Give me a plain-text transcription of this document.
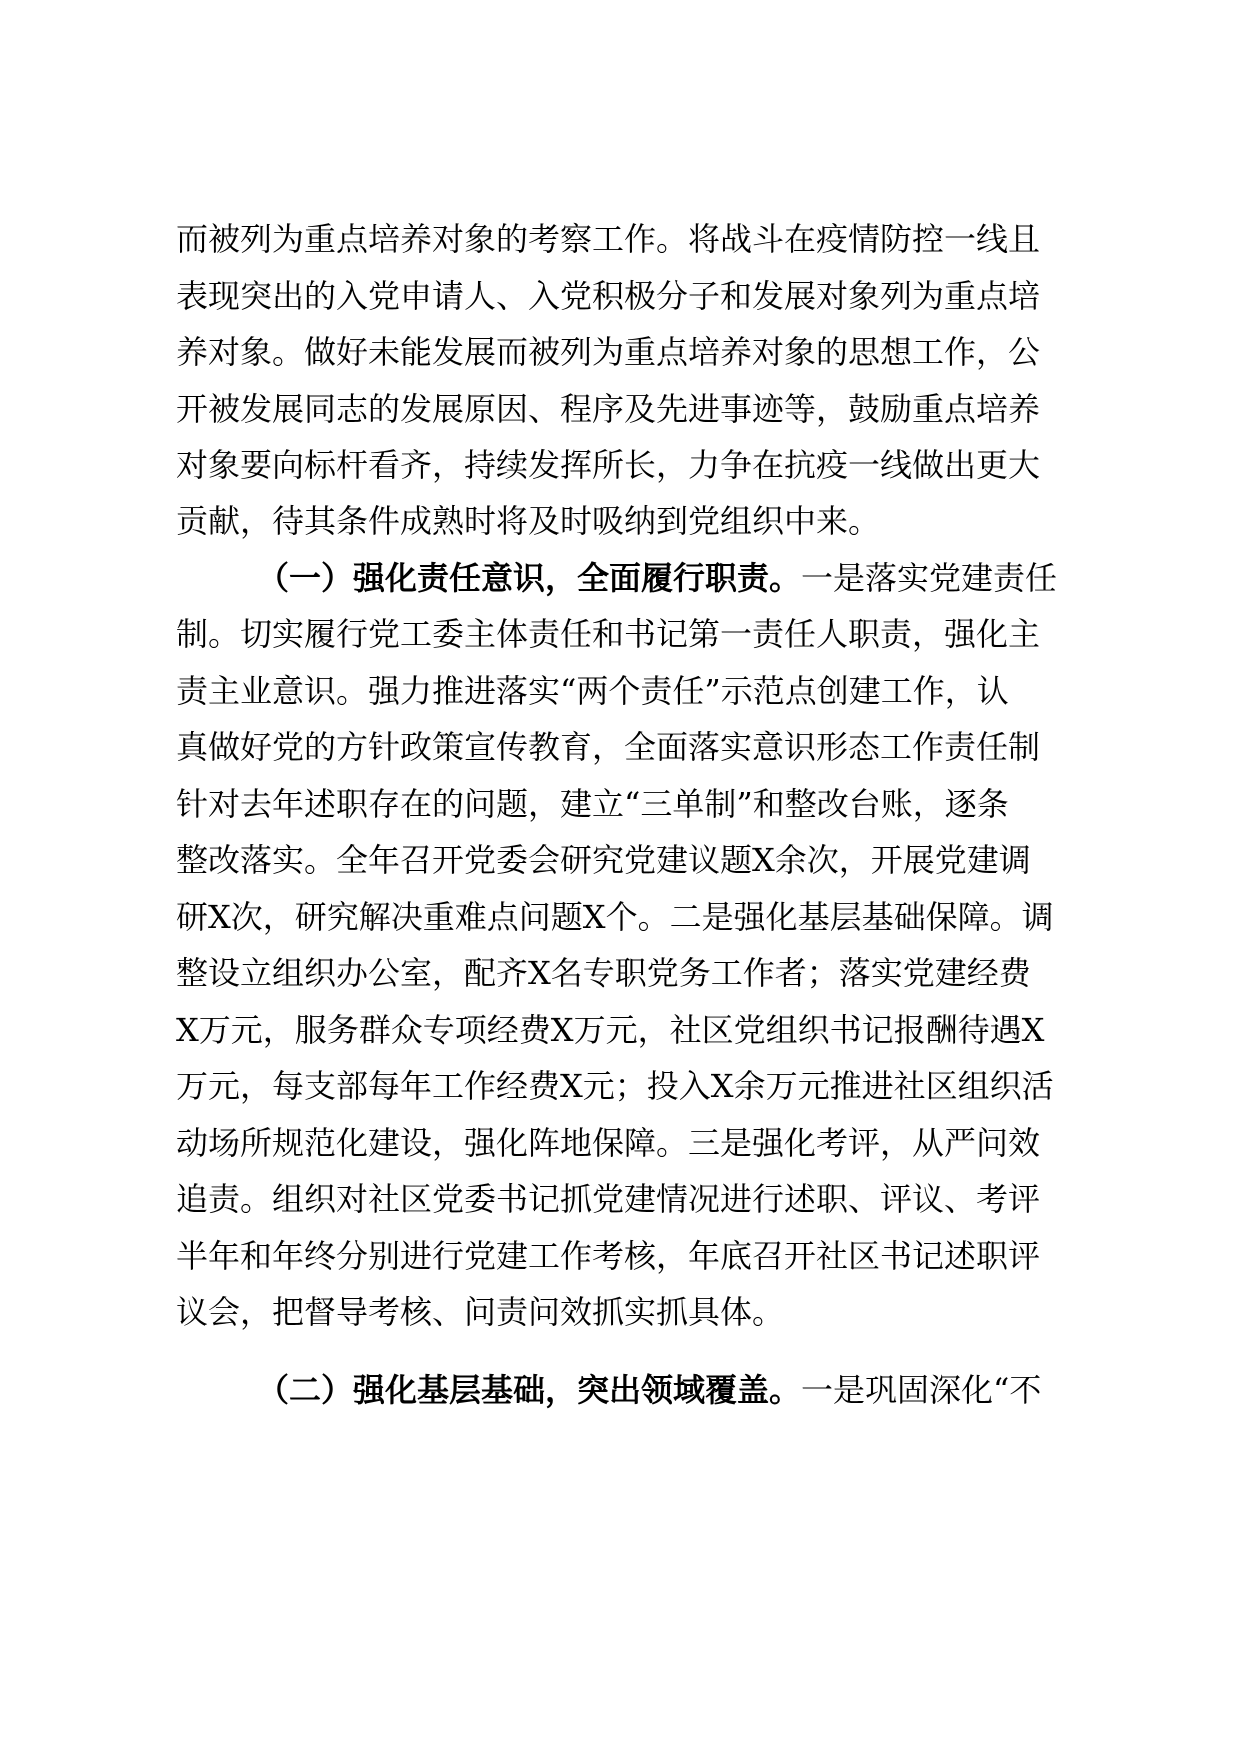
而被列为重点培养对象的考察工作。将战斗在疫情防控一线且
表现突出的入党申请人、入党积极分子和发展对象列为重点培
养对象。做好未能发展而被列为重点培养对象的思想工作，公
开被发展同志的发展原因、程序及先进事迹等，鼓励重点培养
对象要向标杆看齐，持续发挥所长，力争在抗疫一线做出更大
贡献，待其条件成熟时将及时吸纳到党组织中来。
（一）强化责任意识，全面履行职责。一是落实党建责任
制。切实履行党工委主体责任和书记第一责任人职责，强化主
责主业意识。强力推进落实“两个责任”示范点创建工作，认
真做好党的方针政策宣传教育，全面落实意识形态工作责任制
针对去年述职存在的问题，建立“三单制”和整改台账，逐条
整改落实。全年召开党委会研究党建议题X余次，开展党建调
研X次，研究解决重难点问题X个。二是强化基层基础保障。调
整设立组织办公室，配齐X名专职党务工作者；落实党建经费
X万元，服务群众专项经费X万元，社区党组织书记报酬待遇X
万元，每支部每年工作经费X元；投入X余万元推进社区组织活
动场所规范化建设，强化阵地保障。三是强化考评，从严问效
追责。组织对社区党委书记抓党建情况进行述职、评议、考评
半年和年终分别进行党建工作考核，年底召开社区书记述职评
议会，把督导考核、问责问效抓实抓具体。
（二）强化基层基础，突出领域覆盖。一是巩固深化“不
